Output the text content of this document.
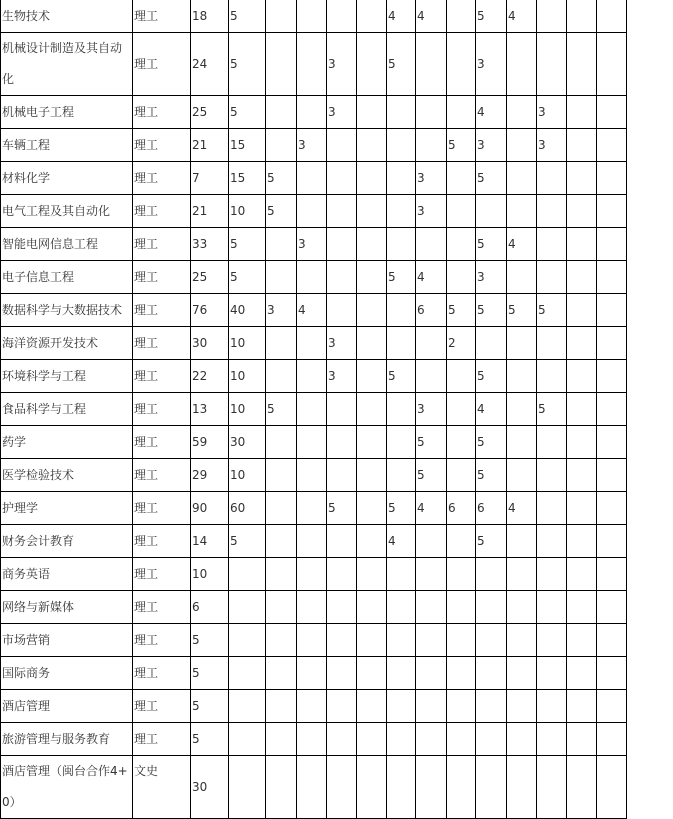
生物技术	理工	18	5					4	4		5	4			
机械设计制造及其自动化	理工	24	5			3		5			3				
机械电子工程	理工	25	5			3					4		3		
车辆工程	理工	21	15		3					5	3		3		
材料化学	理工	7	15	5					3		5				
电气工程及其自动化	理工	21	10	5					3						
智能电网信息工程	理工	33	5		3						5	4			
电子信息工程	理工	25	5					5	4		3				
数据科学与大数据技术	理工	76	40	3	4				6	5	5	5	5		
海洋资源开发技术	理工	30	10			3				2					
环境科学与工程	理工	22	10			3		5			5				
食品科学与工程	理工	13	10	5					3		4		5		
药学	理工	59	30						5		5				
医学检验技术	理工	29	10						5		5				
护理学	理工	90	60			5		5	4	6	6	4			
财务会计教育	理工	14	5					4			5				
商务英语	理工	10													
网络与新媒体	理工	6													
市场营销	理工	5													
国际商务	理工	5													
酒店管理	理工	5													
旅游管理与服务教育	理工	5													
酒店管理（闽台合作4+0）	文史	30													
